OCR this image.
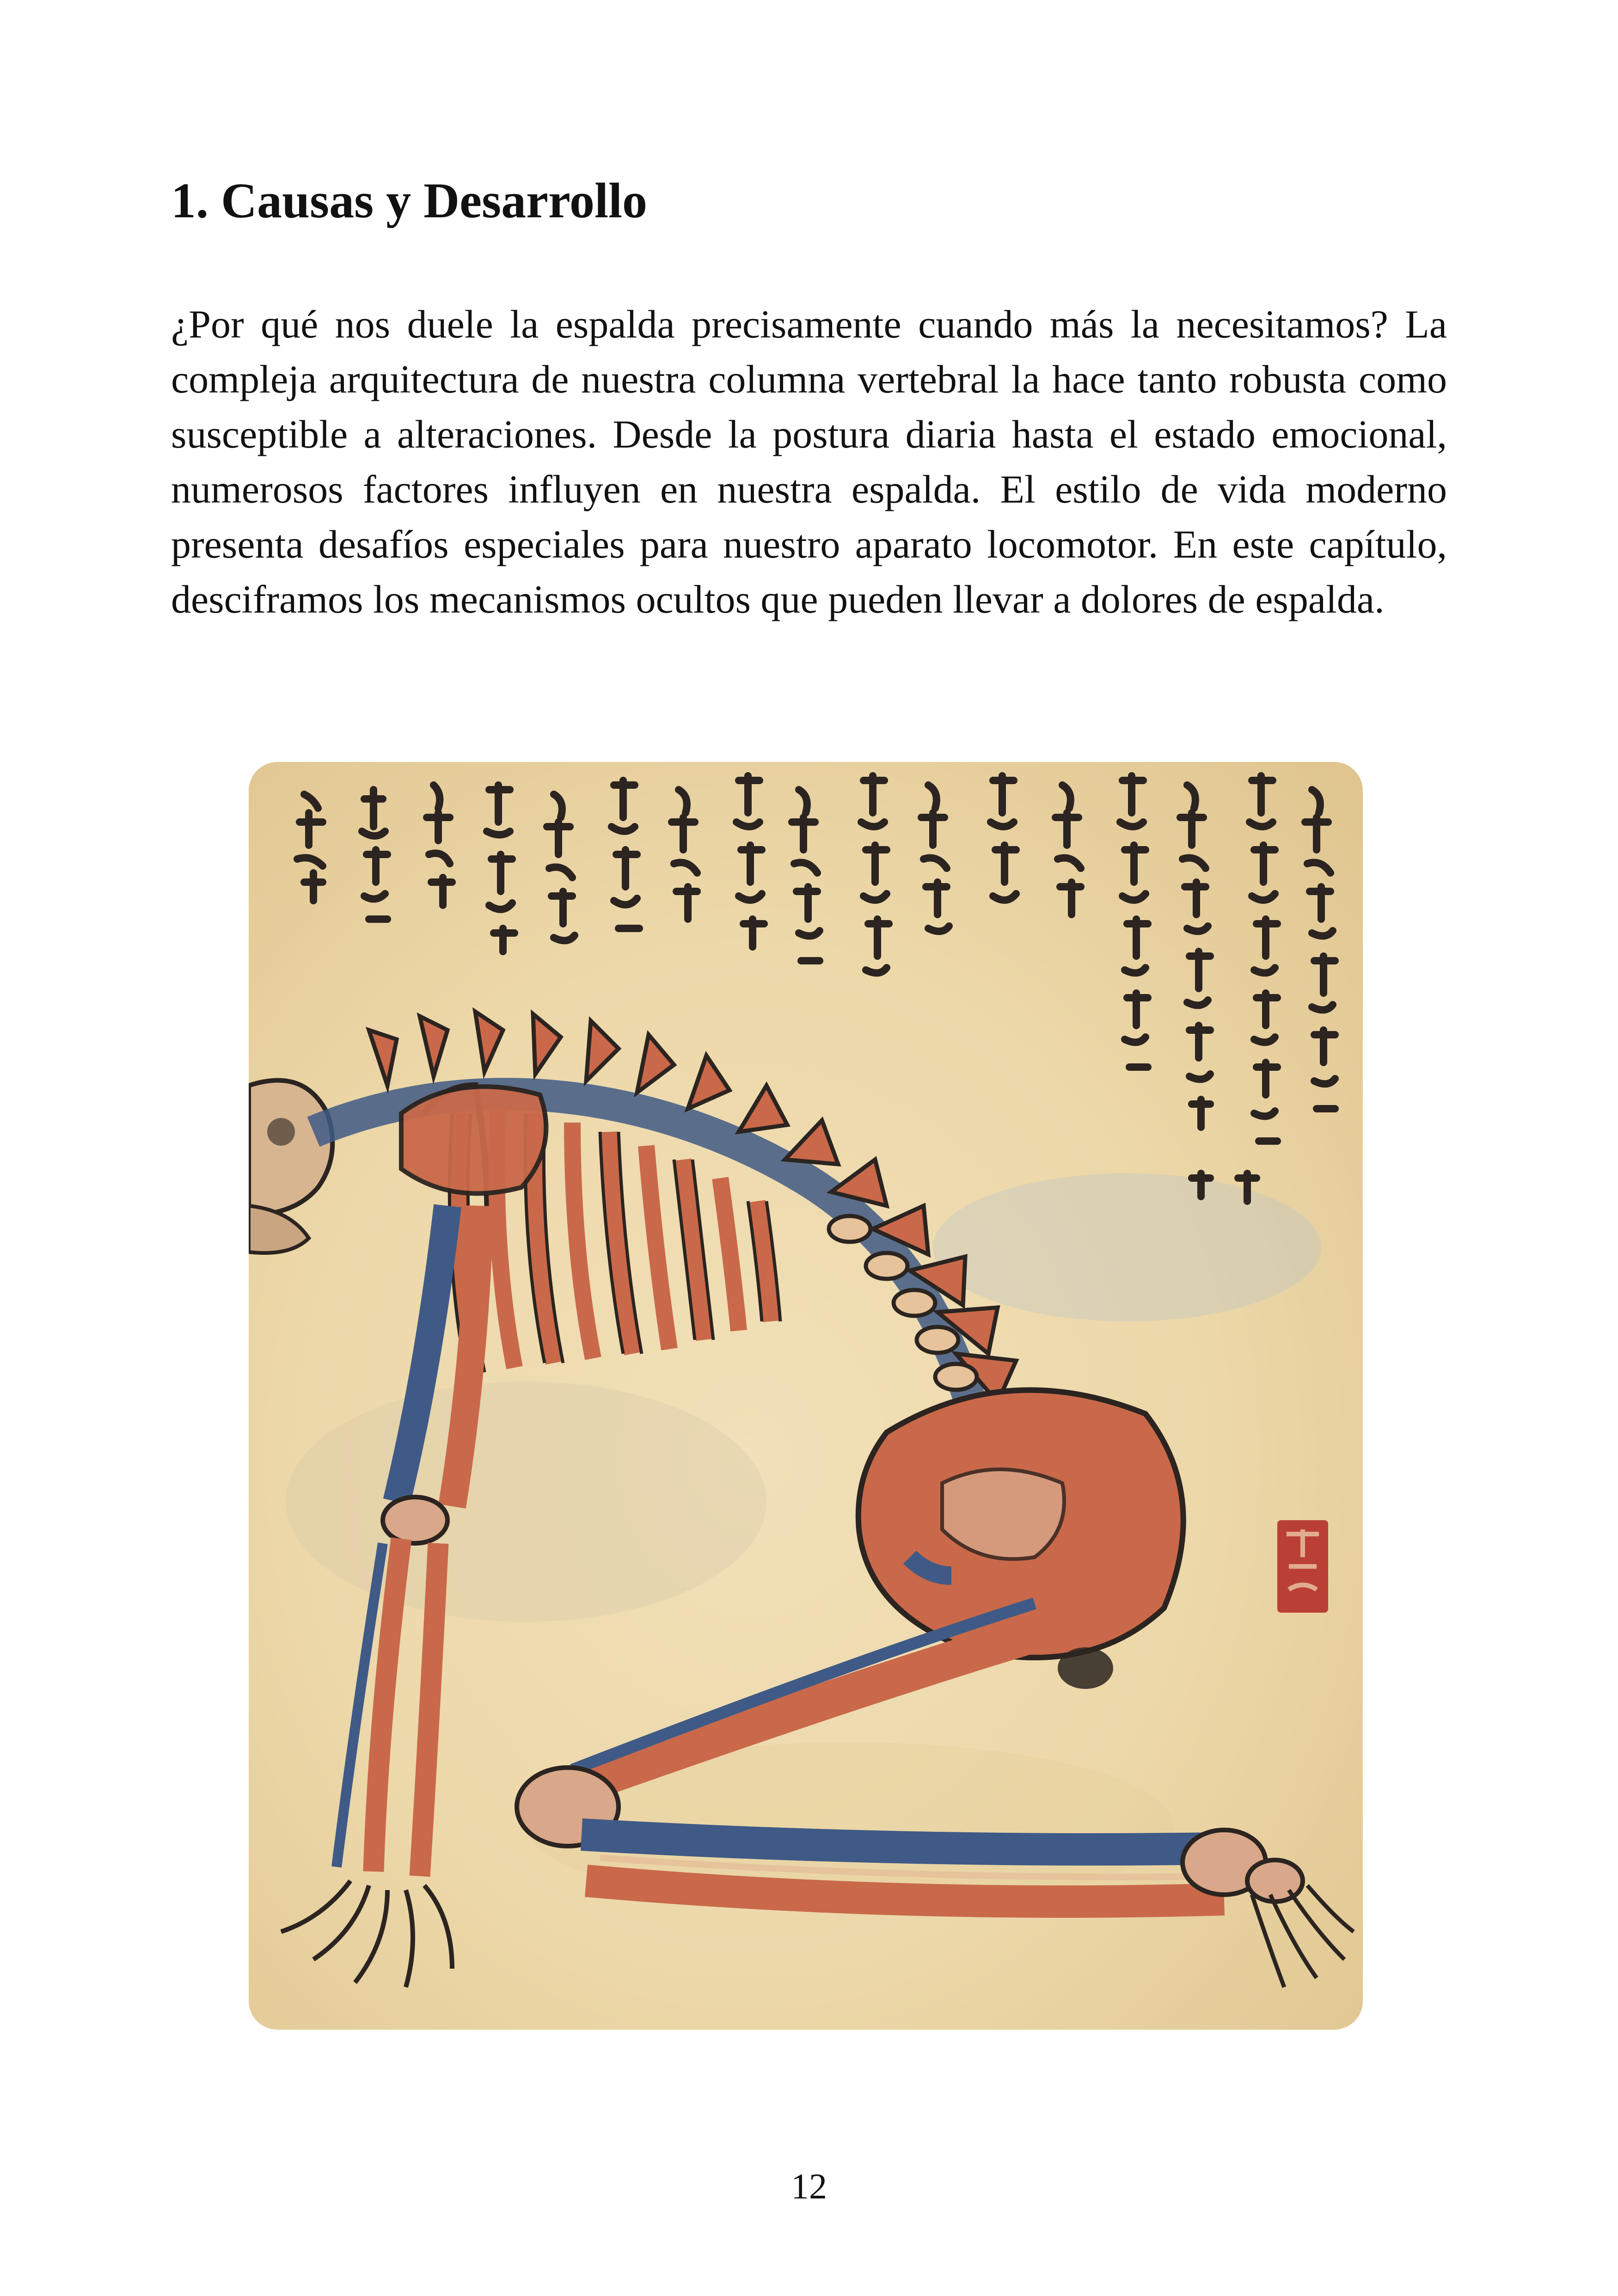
1. Causas y Desarrollo

¿Por qué nos duele la espalda precisamente cuando más la necesitamos? La compleja arquitectura de nuestra columna vertebral la hace tanto robusta como susceptible a alteraciones. Desde la postura diaria hasta el estado emocional, numerosos factores influyen en nuestra espalda. El estilo de vida moderno presenta desafíos especiales para nuestro aparato locomotor. En este capítulo, desciframos los mecanismos ocultos que pueden llevar a dolores de espalda.

12
